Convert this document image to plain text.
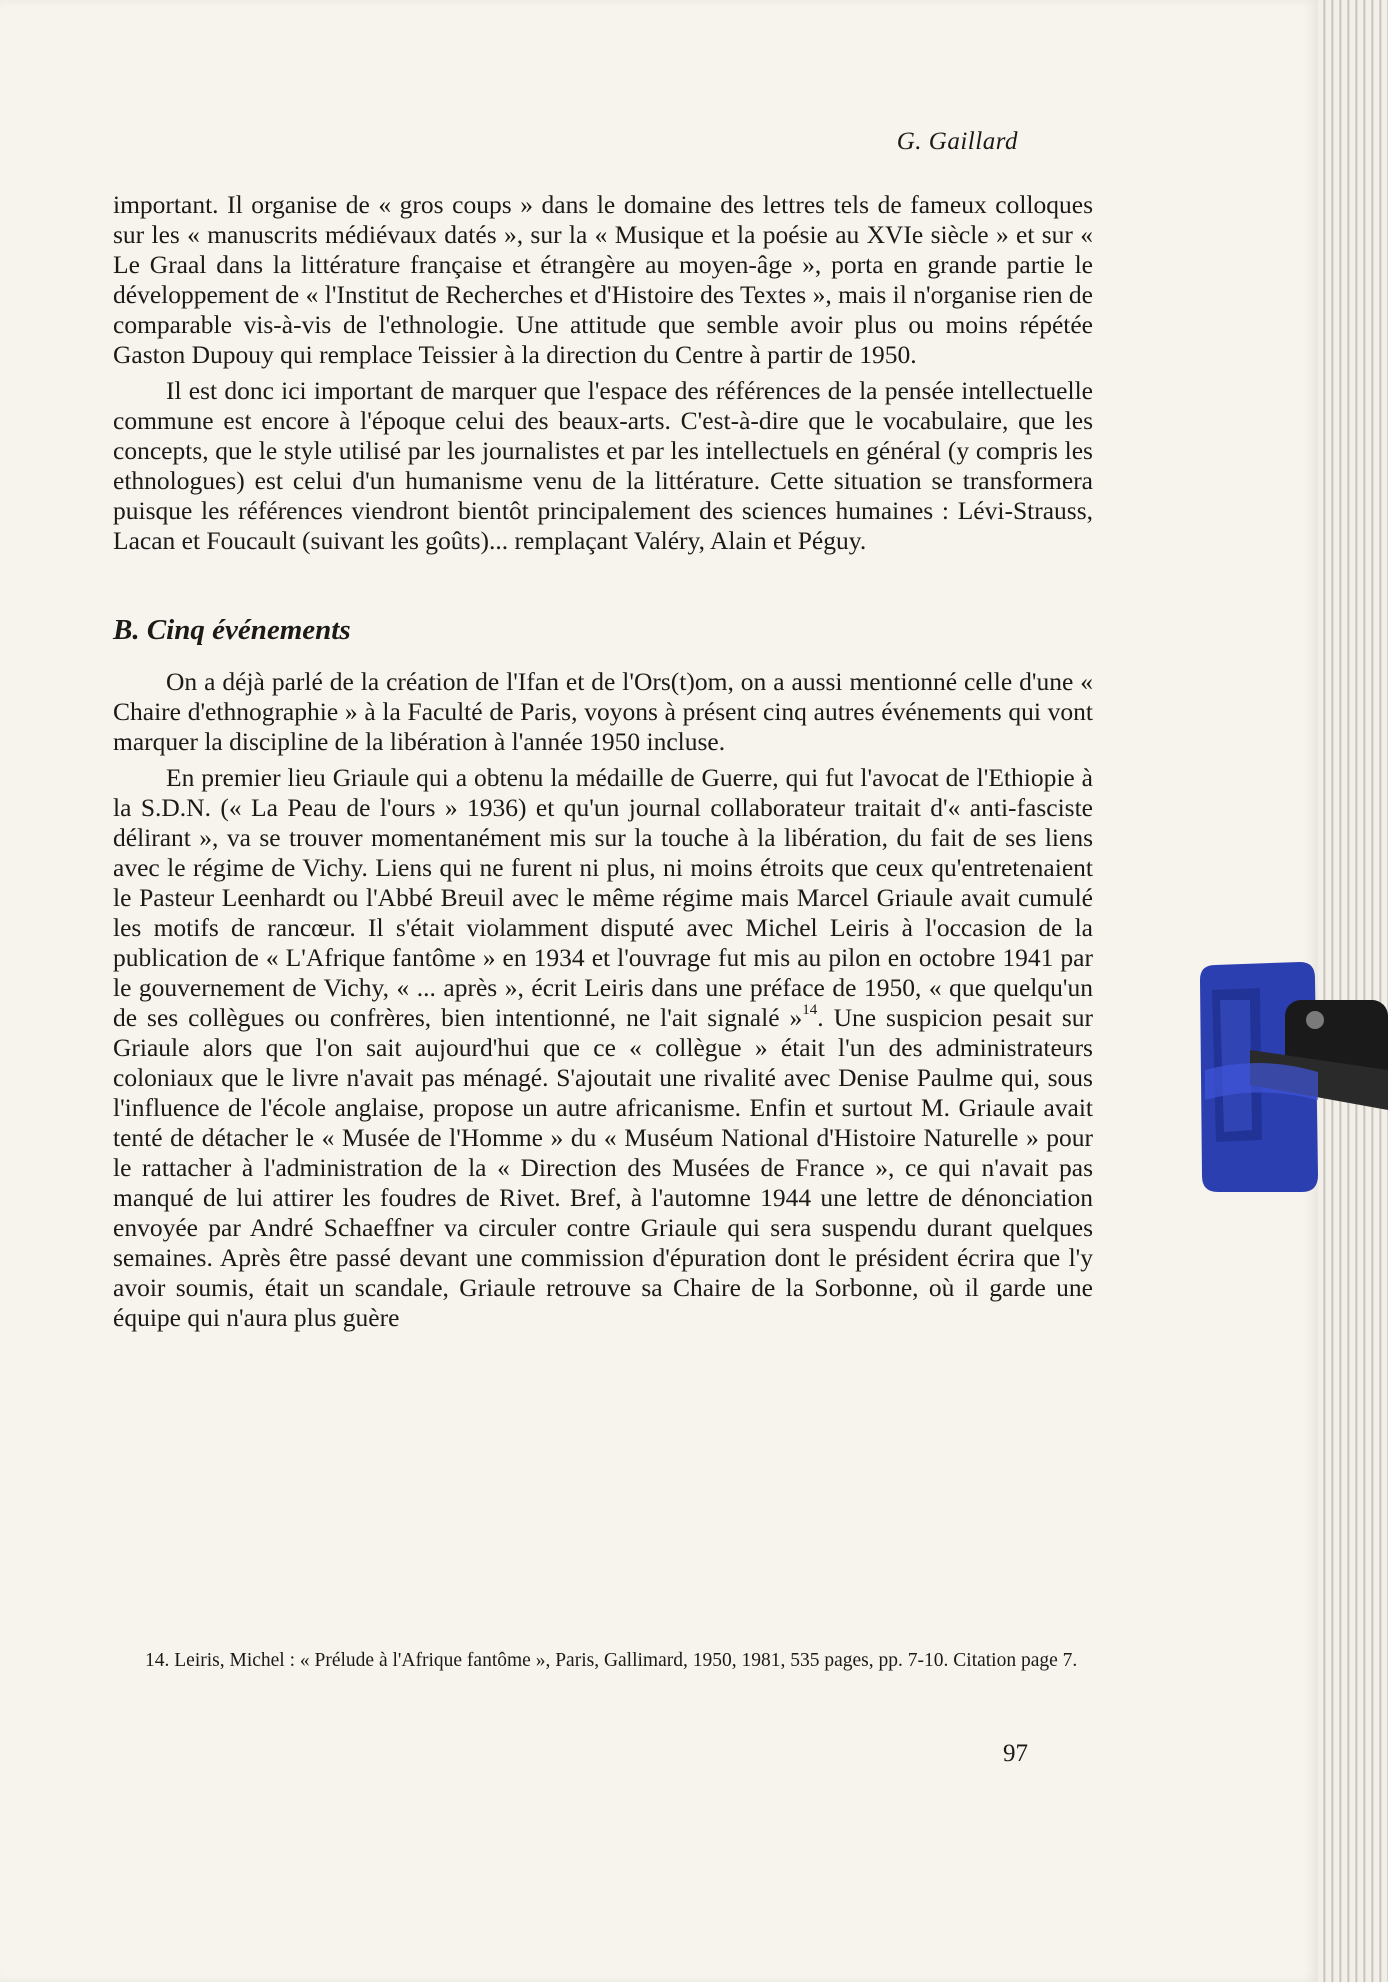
G. Gaillard

important. Il organise de « gros coups » dans le domaine des lettres tels de fameux colloques sur les « manuscrits médiévaux datés », sur la « Musique et la poésie au XVIe siècle » et sur « Le Graal dans la littérature française et étrangère au moyen-âge », porta en grande partie le développement de « l'Institut de Recherches et d'Histoire des Textes », mais il n'organise rien de comparable vis-à-vis de l'ethnologie. Une attitude que semble avoir plus ou moins répétée Gaston Dupouy qui remplace Teissier à la direction du Centre à partir de 1950.

Il est donc ici important de marquer que l'espace des références de la pensée intellectuelle commune est encore à l'époque celui des beaux-arts. C'est-à-dire que le vocabulaire, que les concepts, que le style utilisé par les journalistes et par les intellectuels en général (y compris les ethnologues) est celui d'un humanisme venu de la littérature. Cette situation se transformera puisque les références viendront bientôt principalement des sciences humaines : Lévi-Strauss, Lacan et Foucault (suivant les goûts)... remplaçant Valéry, Alain et Péguy.

B. Cinq événements

On a déjà parlé de la création de l'Ifan et de l'Ors(t)om, on a aussi mentionné celle d'une « Chaire d'ethnographie » à la Faculté de Paris, voyons à présent cinq autres événements qui vont marquer la discipline de la libération à l'année 1950 incluse.

En premier lieu Griaule qui a obtenu la médaille de Guerre, qui fut l'avocat de l'Ethiopie à la S.D.N. (« La Peau de l'ours » 1936) et qu'un journal collaborateur traitait d'« anti-fasciste délirant », va se trouver momentanément mis sur la touche à la libération, du fait de ses liens avec le régime de Vichy. Liens qui ne furent ni plus, ni moins étroits que ceux qu'entretenaient le Pasteur Leenhardt ou l'Abbé Breuil avec le même régime mais Marcel Griaule avait cumulé les motifs de rancœur. Il s'était violamment disputé avec Michel Leiris à l'occasion de la publication de « L'Afrique fantôme » en 1934 et l'ouvrage fut mis au pilon en octobre 1941 par le gouvernement de Vichy, « ... après », écrit Leiris dans une préface de 1950, « que quelqu'un de ses collègues ou confrères, bien intentionné, ne l'ait signalé »$^{14}$. Une suspicion pesait sur Griaule alors que l'on sait aujourd'hui que ce « collègue » était l'un des administrateurs coloniaux que le livre n'avait pas ménagé. S'ajoutait une rivalité avec Denise Paulme qui, sous l'influence de l'école anglaise, propose un autre africanisme. Enfin et surtout M. Griaule avait tenté de détacher le « Musée de l'Homme » du « Muséum National d'Histoire Naturelle » pour le rattacher à l'administration de la « Direction des Musées de France », ce qui n'avait pas manqué de lui attirer les foudres de Rivet. Bref, à l'automne 1944 une lettre de dénonciation envoyée par André Schaeffner va circuler contre Griaule qui sera suspendu durant quelques semaines. Après être passé devant une commission d'épuration dont le président écrira que l'y avoir soumis, était un scandale, Griaule retrouve sa Chaire de la Sorbonne, où il garde une équipe qui n'aura plus guère

14. Leiris, Michel : « Prélude à l'Afrique fantôme », Paris, Gallimard, 1950, 1981, 535 pages, pp. 7-10. Citation page 7.
97
